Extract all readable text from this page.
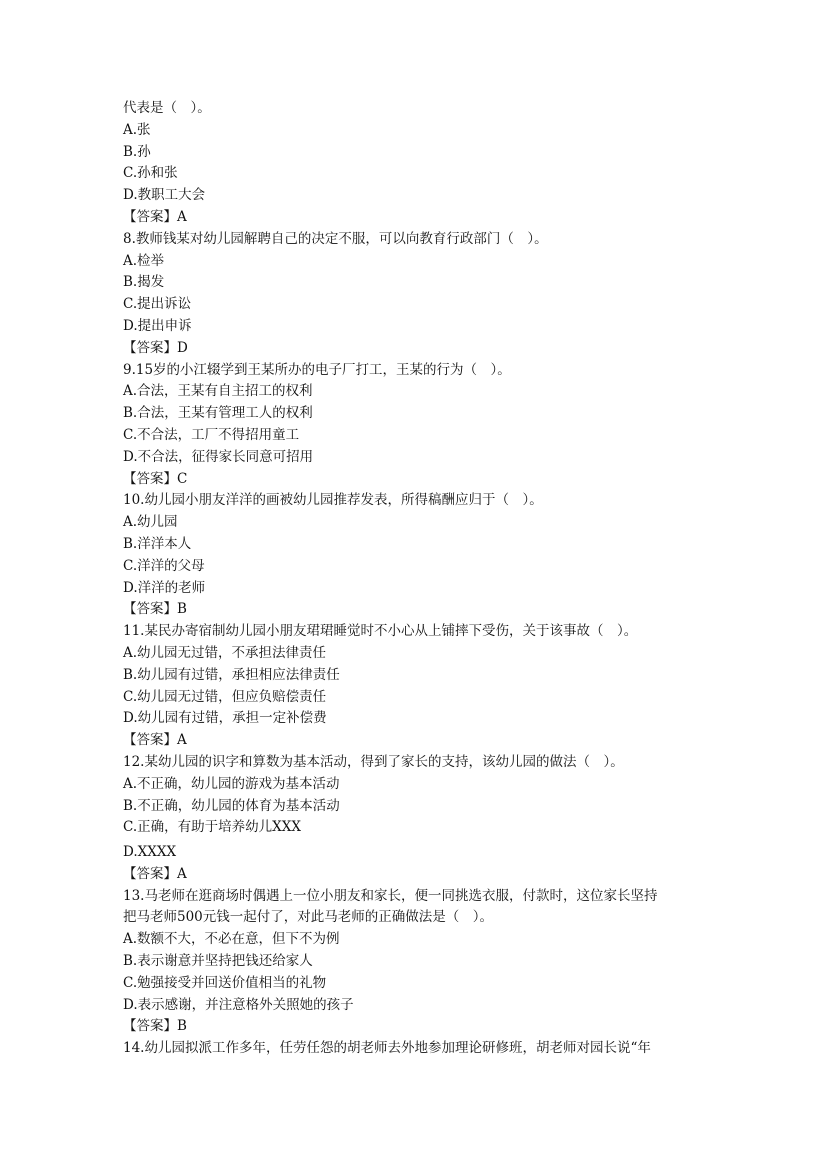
代表是（　）。
A.张
B.孙
C.孙和张
D.教职工大会
【答案】A
8.教师钱某对幼儿园解聘自己的决定不服，可以向教育行政部门（　）。
A.检举
B.揭发
C.提出诉讼
D.提出申诉
【答案】D
9.15岁的小江辍学到王某所办的电子厂打工，王某的行为（　）。
A.合法，王某有自主招工的权利
B.合法，王某有管理工人的权利
C.不合法，工厂不得招用童工
D.不合法，征得家长同意可招用
【答案】C
10.幼儿园小朋友洋洋的画被幼儿园推荐发表，所得稿酬应归于（　）。
A.幼儿园
B.洋洋本人
C.洋洋的父母
D.洋洋的老师
【答案】B
11.某民办寄宿制幼儿园小朋友珺珺睡觉时不小心从上铺摔下受伤，关于该事故（　）。
A.幼儿园无过错，不承担法律责任
B.幼儿园有过错，承担相应法律责任
C.幼儿园无过错，但应负赔偿责任
D.幼儿园有过错，承担一定补偿费
【答案】A
12.某幼儿园的识字和算数为基本活动，得到了家长的支持，该幼儿园的做法（　）。
A.不正确，幼儿园的游戏为基本活动
B.不正确，幼儿园的体育为基本活动
C.正确，有助于培养幼儿XXX
D.XXXX
【答案】A
13.马老师在逛商场时偶遇上一位小朋友和家长，便一同挑选衣服，付款时，这位家长坚持
把马老师500元钱一起付了，对此马老师的正确做法是（　）。
A.数额不大，不必在意，但下不为例
B.表示谢意并坚持把钱还给家人
C.勉强接受并回送价值相当的礼物
D.表示感谢，并注意格外关照她的孩子
【答案】B
14.幼儿园拟派工作多年，任劳任怨的胡老师去外地参加理论研修班，胡老师对园长说“年
